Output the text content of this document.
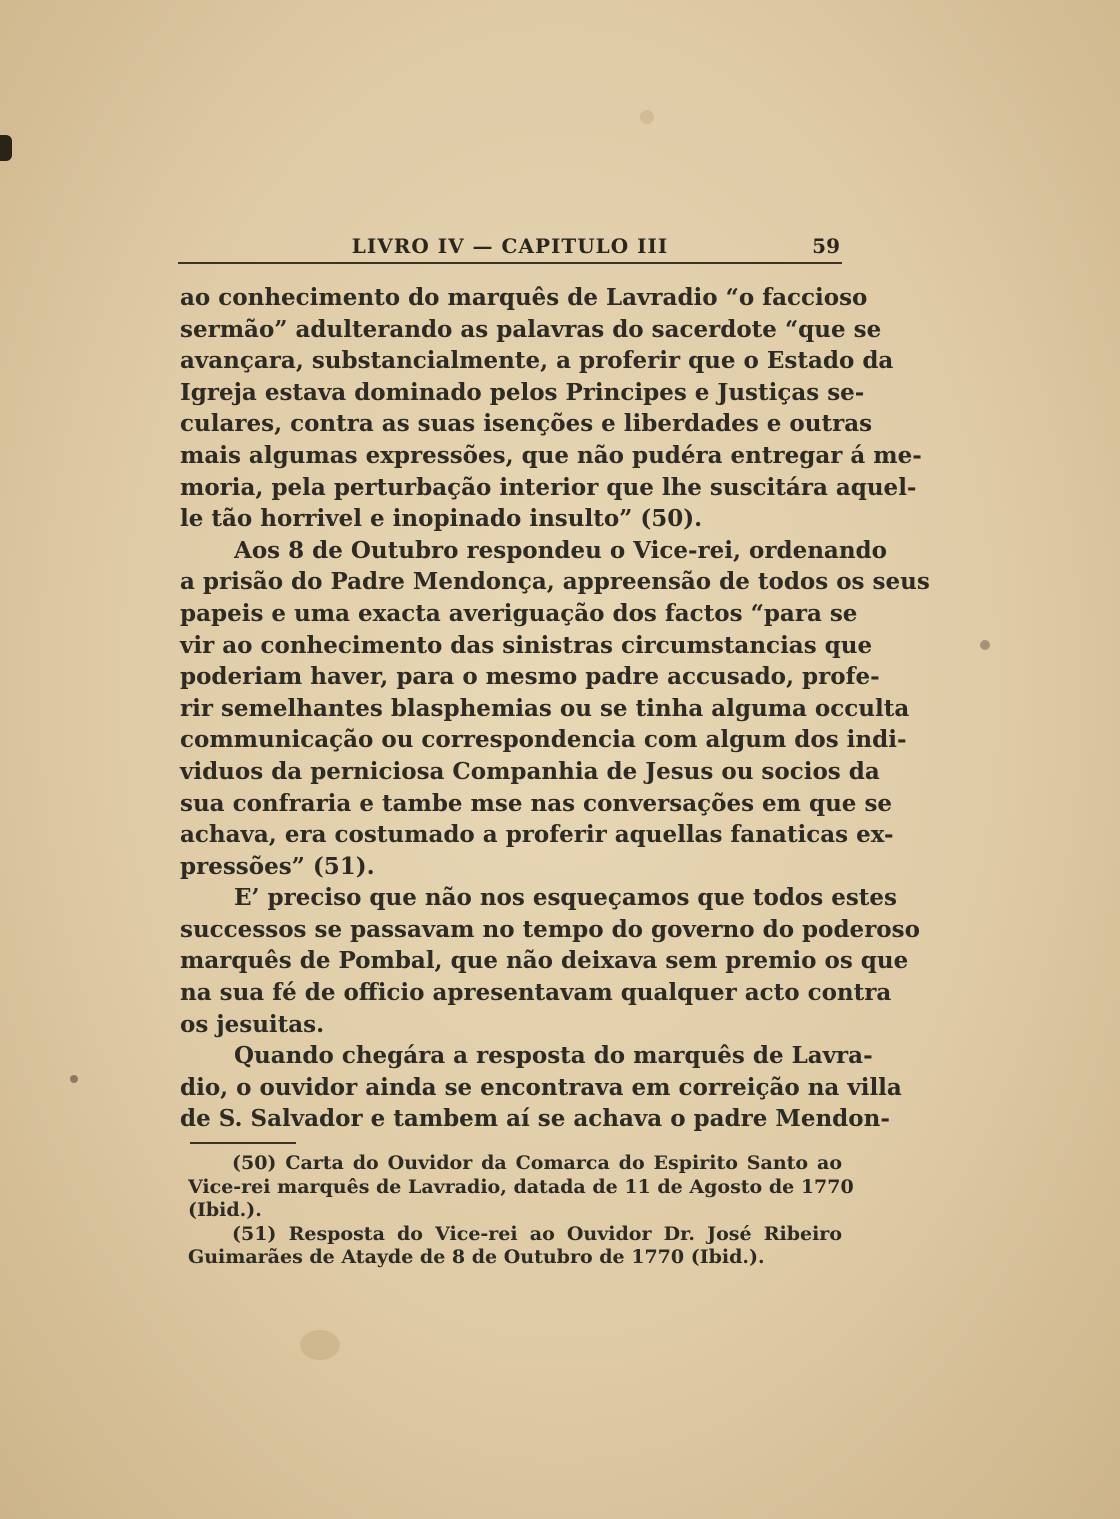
LIVRO IV — CAPITULO III	59
ao conhecimento do marquês de Lavradio “o faccioso
sermão” adulterando as palavras do sacerdote “que se
avançara, substancialmente, a proferir que o Estado da
Igreja estava dominado pelos Principes e Justiças se-
culares, contra as suas isenções e liberdades e outras
mais algumas expressões, que não pudéra entregar á me-
moria, pela perturbação interior que lhe suscitára aquel-
le tão horrivel e inopinado insulto” (50).
Aos 8 de Outubro respondeu o Vice-rei, ordenando
a prisão do Padre Mendonça, appreensão de todos os seus
papeis e uma exacta averiguação dos factos “para se
vir ao conhecimento das sinistras circumstancias que
poderiam haver, para o mesmo padre accusado, profe-
rir semelhantes blasphemias ou se tinha alguma occulta
communicação ou correspondencia com algum dos indi-
viduos da perniciosa Companhia de Jesus ou socios da
sua confraria e tambe mse nas conversações em que se
achava, era costumado a proferir aquellas fanaticas ex-
pressões” (51).
E’ preciso que não nos esqueçamos que todos estes
successos se passavam no tempo do governo do poderoso
marquês de Pombal, que não deixava sem premio os que
na sua fé de officio apresentavam qualquer acto contra
os jesuitas.
Quando chegára a resposta do marquês de Lavra-
dio, o ouvidor ainda se encontrava em correição na villa
de S. Salvador e tambem aí se achava o padre Mendon-
(50) Carta do Ouvidor da Comarca do Espirito Santo ao
Vice-rei marquês de Lavradio, datada de 11 de Agosto de 1770
(Ibid.).
(51) Resposta do Vice-rei ao Ouvidor Dr. José Ribeiro
Guimarães de Atayde de 8 de Outubro de 1770 (Ibid.).
